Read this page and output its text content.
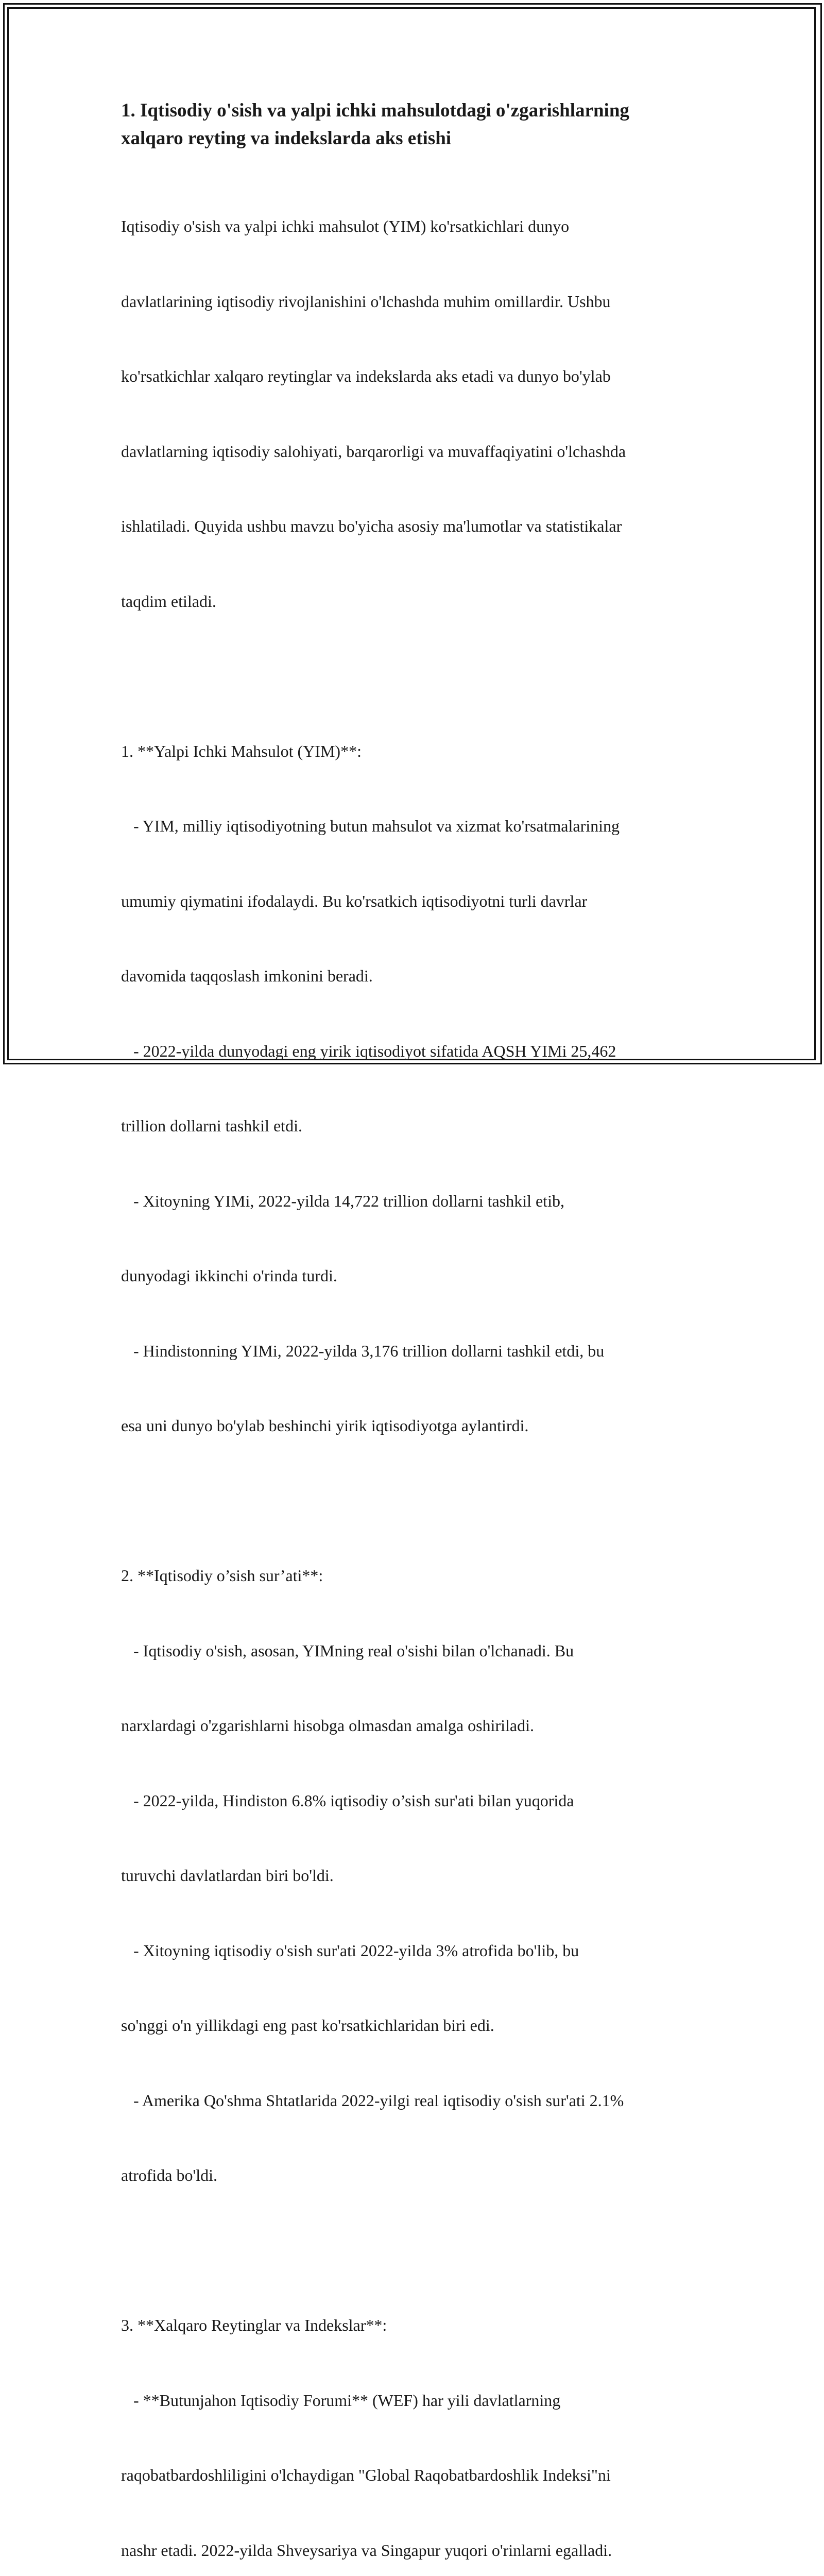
1. Iqtisodiy o'sish va yalpi ichki mahsulotdagi o'zgarishlarning
xalqaro reyting va indekslarda aks etishi

Iqtisodiy o'sish va yalpi ichki mahsulot (YIM) ko'rsatkichlari dunyo

davlatlarining iqtisodiy rivojlanishini o'lchashda muhim omillardir. Ushbu

ko'rsatkichlar xalqaro reytinglar va indekslarda aks etadi va dunyo bo'ylab

davlatlarning iqtisodiy salohiyati, barqarorligi va muvaffaqiyatini o'lchashda

ishlatiladi. Quyida ushbu mavzu bo'yicha asosiy ma'lumotlar va statistikalar

taqdim etiladi.

1. **Yalpi Ichki Mahsulot (YIM)**:

- YIM, milliy iqtisodiyotning butun mahsulot va xizmat ko'rsatmalarining

umumiy qiymatini ifodalaydi. Bu ko'rsatkich iqtisodiyotni turli davrlar

davomida taqqoslash imkonini beradi.

- 2022-yilda dunyodagi eng yirik iqtisodiyot sifatida AQSH YIMi 25,462

trillion dollarni tashkil etdi.

- Xitoyning YIMi, 2022-yilda 14,722 trillion dollarni tashkil etib,

dunyodagi ikkinchi o'rinda turdi.

- Hindistonning YIMi, 2022-yilda 3,176 trillion dollarni tashkil etdi, bu

esa uni dunyo bo'ylab beshinchi yirik iqtisodiyotga aylantirdi.

2. **Iqtisodiy o’sish sur’ati**:

- Iqtisodiy o'sish, asosan, YIMning real o'sishi bilan o'lchanadi. Bu

narxlardagi o'zgarishlarni hisobga olmasdan amalga oshiriladi.

- 2022-yilda, Hindiston 6.8% iqtisodiy o’sish sur'ati bilan yuqorida

turuvchi davlatlardan biri bo'ldi.

- Xitoyning iqtisodiy o'sish sur'ati 2022-yilda 3% atrofida bo'lib, bu

so'nggi o'n yillikdagi eng past ko'rsatkichlaridan biri edi.

- Amerika Qo'shma Shtatlarida 2022-yilgi real iqtisodiy o'sish sur'ati 2.1%

atrofida bo'ldi.

3. **Xalqaro Reytinglar va Indekslar**:

- **Butunjahon Iqtisodiy Forumi** (WEF) har yili davlatlarning

raqobatbardoshliligini o'lchaydigan "Global Raqobatbardoshlik Indeksi"ni

nashr etadi. 2022-yilda Shveysariya va Singapur yuqori o'rinlarni egalladi.
